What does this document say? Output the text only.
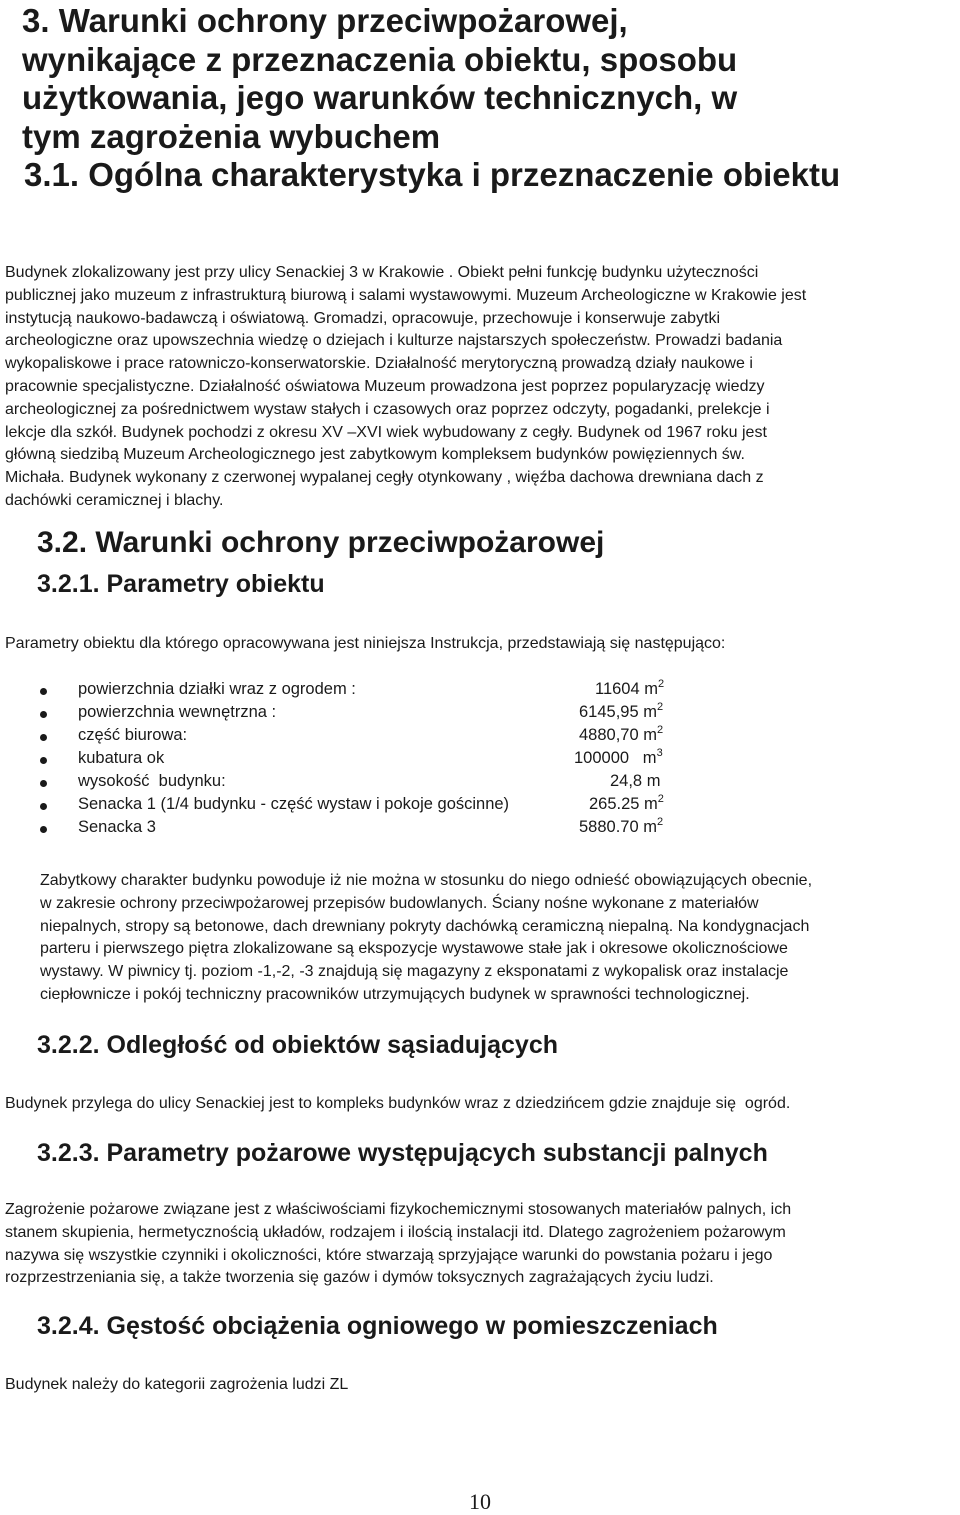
3. Warunki ochrony przeciwpożarowej,
wynikające z przeznaczenia obiektu, sposobu
użytkowania, jego warunków technicznych, w
tym zagrożenia wybuchem
3.1. Ogólna charakterystyka i przeznaczenie obiektu
Budynek zlokalizowany jest przy ulicy Senackiej 3 w Krakowie . Obiekt pełni funkcję budynku użyteczności
publicznej jako muzeum z infrastrukturą biurową i salami wystawowymi. Muzeum Archeologiczne w Krakowie jest
instytucją naukowo-badawczą i oświatową. Gromadzi, opracowuje, przechowuje i konserwuje zabytki
archeologiczne oraz upowszechnia wiedzę o dziejach i kulturze najstarszych społeczeństw. Prowadzi badania
wykopaliskowe i prace ratowniczo-konserwatorskie. Działalność merytoryczną prowadzą działy naukowe i
pracownie specjalistyczne. Działalność oświatowa Muzeum prowadzona jest poprzez popularyzację wiedzy
archeologicznej za pośrednictwem wystaw stałych i czasowych oraz poprzez odczyty, pogadanki, prelekcje i
lekcje dla szkół. Budynek pochodzi z okresu XV –XVI wiek wybudowany z cegły. Budynek od 1967 roku jest
główną siedzibą Muzeum Archeologicznego jest zabytkowym kompleksem budynków powięziennych św.
Michała. Budynek wykonany z czerwonej wypalanej cegły otynkowany , więźba dachowa drewniana dach z
dachówki ceramicznej i blachy.
3.2. Warunki ochrony przeciwpożarowej
3.2.1. Parametry obiektu
Parametry obiektu dla którego opracowywana jest niniejsza Instrukcja, przedstawiają się następująco:
powierzchnia działki wraz z ogrodem :	11604 $m^2$
powierzchnia wewnętrzna :	6145,95 $m^2$
część biurowa:	4880,70 $m^2$
kubatura ok	100000   $m^3$
wysokość  budynku:	24,8 m
Senacka 1 (1/4 budynku - część wystaw i pokoje gościnne)	265.25 $m^2$
Senacka 3	5880.70 $m^2$
Zabytkowy charakter budynku powoduje iż nie można w stosunku do niego odnieść obowiązujących obecnie,
w zakresie ochrony przeciwpożarowej przepisów budowlanych. Ściany nośne wykonane z materiałów
niepalnych, stropy są betonowe, dach drewniany pokryty dachówką ceramiczną niepalną. Na kondygnacjach
parteru i pierwszego piętra zlokalizowane są ekspozycje wystawowe stałe jak i okresowe okolicznościowe
wystawy. W piwnicy tj. poziom -1,-2, -3 znajdują się magazyny z eksponatami z wykopalisk oraz instalacje
ciepłownicze i pokój techniczny pracowników utrzymujących budynek w sprawności technologicznej.
3.2.2. Odległość od obiektów sąsiadujących
Budynek przylega do ulicy Senackiej jest to kompleks budynków wraz z dziedzińcem gdzie znajduje się  ogród.
3.2.3. Parametry pożarowe występujących substancji palnych
Zagrożenie pożarowe związane jest z właściwościami fizykochemicznymi stosowanych materiałów palnych, ich
stanem skupienia, hermetycznością układów, rodzajem i ilością instalacji itd. Dlatego zagrożeniem pożarowym
nazywa się wszystkie czynniki i okoliczności, które stwarzają sprzyjające warunki do powstania pożaru i jego
rozprzestrzeniania się, a także tworzenia się gazów i dymów toksycznych zagrażających życiu ludzi.
3.2.4. Gęstość obciążenia ogniowego w pomieszczeniach
Budynek należy do kategorii zagrożenia ludzi ZL
10
